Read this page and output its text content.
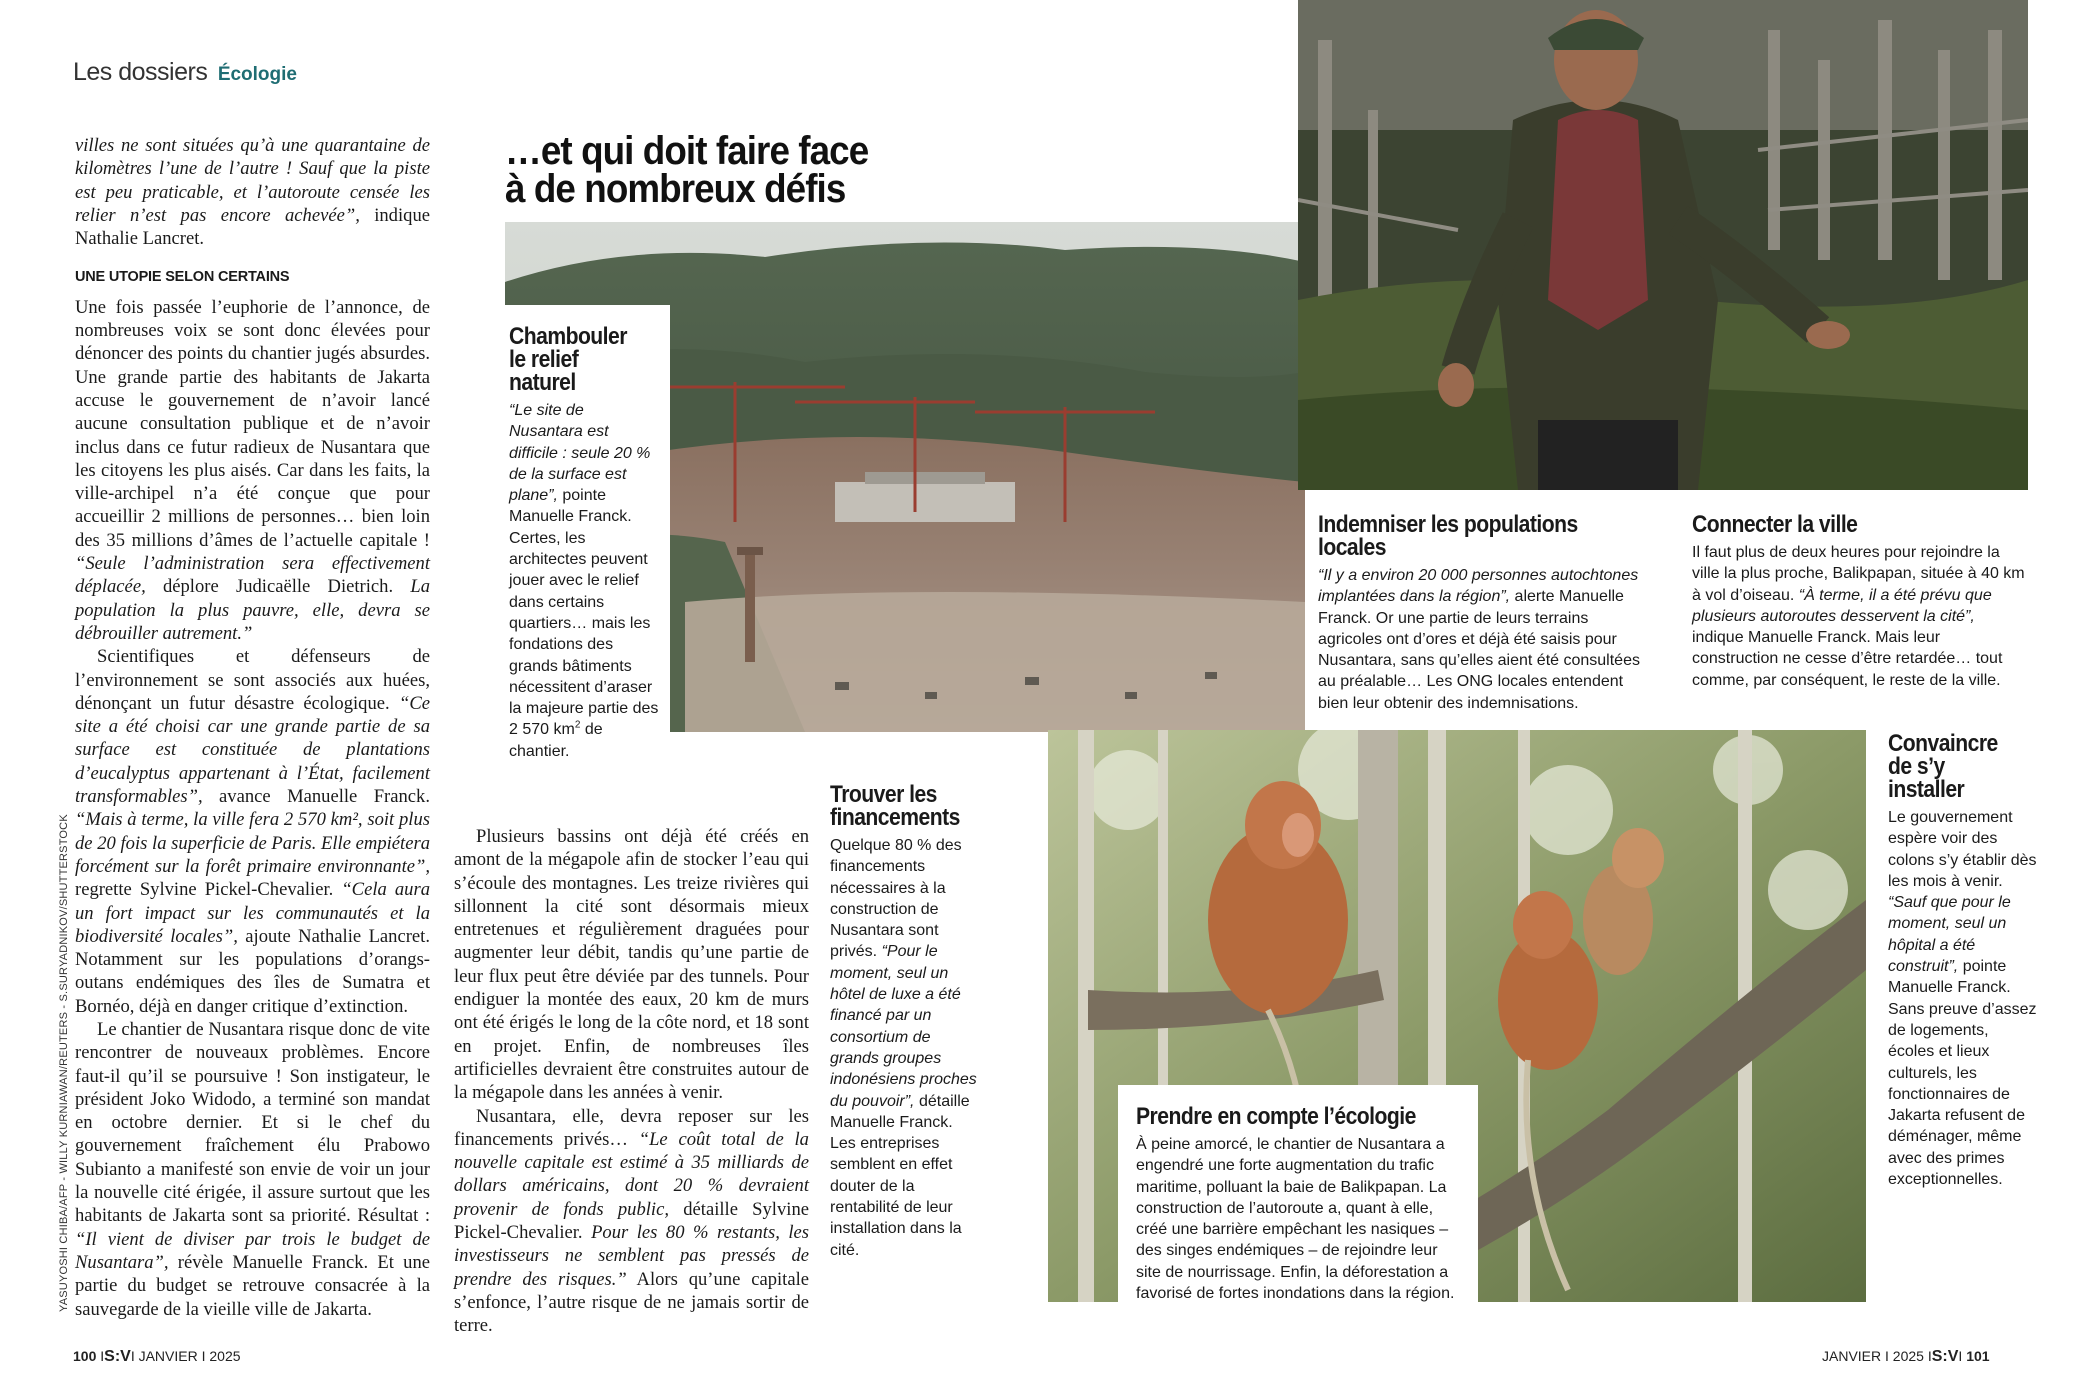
Les dossiers Écologie

villes ne sont situées qu’à une quarantaine de kilomètres l’une de l’autre ! Sauf que la piste est peu praticable, et l’autoroute censée les relier n’est pas encore achevée”, indique Nathalie Lancret.

UNE UTOPIE SELON CERTAINS

Une fois passée l’euphorie de l’annonce, de nombreuses voix se sont donc élevées pour dénoncer des points du chantier jugés absurdes. Une grande partie des habitants de Jakarta accuse le gouvernement de n’avoir lancé aucune consultation publique et de n’avoir inclus dans ce futur radieux de Nusantara que les citoyens les plus aisés. Car dans les faits, la ville-archipel n’a été conçue que pour accueillir 2 millions de personnes… bien loin des 35 millions d’âmes de l’actuelle capitale ! “Seule l’administration sera effectivement déplacée, déplore Judicaëlle Dietrich. La population la plus pauvre, elle, devra se débrouiller autrement.”

Scientifiques et défenseurs de l’environnement se sont associés aux huées, dénonçant un futur désastre écologique. “Ce site a été choisi car une grande partie de sa surface est constituée de plantations d’eucalyptus appartenant à l’État, facilement transformables”, avance Manuelle Franck. “Mais à terme, la ville fera 2 570 km², soit plus de 20 fois la superficie de Paris. Elle empiétera forcément sur la forêt primaire environnante”, regrette Sylvine Pickel-Chevalier. “Cela aura un fort impact sur les communautés et la biodiversité locales”, ajoute Nathalie Lancret. Notamment sur les populations d’orangs-outans endémiques des îles de Sumatra et Bornéo, déjà en danger critique d’extinction.

Le chantier de Nusantara risque donc de vite rencontrer de nouveaux problèmes. Encore faut-il qu’il se poursuive ! Son instigateur, le président Joko Widodo, a terminé son mandat en octobre dernier. Et si le chef du gouvernement fraîchement élu Prabowo Subianto a manifesté son envie de voir un jour la nouvelle cité érigée, il assure surtout que les habitants de Jakarta sont sa priorité. Résultat : “Il vient de diviser par trois le budget de Nusantara”, révèle Manuelle Franck. Et une partie du budget se retrouve consacrée à la sauvegarde de la vieille ville de Jakarta.

YASUYOSHI CHIBA/AFP - WILLY KURNIAWAN/REUTERS - S.SURYADNIKOV/SHUTTERSTOCK
…et qui doit faire face
à de nombreux défis
Chambouler le relief naturel

“Le site de Nusantara est difficile : seule 20 % de la surface est plane”, pointe Manuelle Franck. Certes, les architectes peuvent jouer avec le relief dans certains quartiers… mais les fondations des grands bâtiments nécessitent d’araser la majeure partie des 2 570 $km^2$ de chantier.

Plusieurs bassins ont déjà été créés en amont de la mégapole afin de stocker l’eau qui s’écoule des montagnes. Les treize rivières qui sillonnent la cité sont désormais mieux entretenues et régulièrement draguées pour augmenter leur débit, tandis qu’une partie de leur flux peut être déviée par des tunnels. Pour endiguer la montée des eaux, 20 km de murs ont été érigés le long de la côte nord, et 18 sont en projet. Enfin, de nombreuses îles artificielles devraient être construites autour de la mégapole dans les années à venir.

Nusantara, elle, devra reposer sur les financements privés… “Le coût total de la nouvelle capitale est estimé à 35 milliards de dollars américains, dont 20 % devraient provenir de fonds public, détaille Sylvine Pickel-Chevalier. Pour les 80 % restants, les investisseurs ne semblent pas pressés de prendre des risques.” Alors qu’une capitale s’enfonce, l’autre risque de ne jamais sortir de terre.

Trouver les financements

Quelque 80 % des financements nécessaires à la construction de Nusantara sont privés. “Pour le moment, seul un hôtel de luxe a été financé par un consortium de grands groupes indonésiens proches du pouvoir”, détaille Manuelle Franck. Les entreprises semblent en effet douter de la rentabilité de leur installation dans la cité.

Indemniser les populations locales

“Il y a environ 20 000 personnes autochtones implantées dans la région”, alerte Manuelle Franck. Or une partie de leurs terrains agricoles ont d’ores et déjà été saisis pour Nusantara, sans qu’elles aient été consultées au préalable… Les ONG locales entendent bien leur obtenir des indemnisations.

Connecter la ville

Il faut plus de deux heures pour rejoindre la ville la plus proche, Balikpapan, située à 40 km à vol d’oiseau. “À terme, il a été prévu que plusieurs autoroutes desservent la cité”, indique Manuelle Franck. Mais leur construction ne cesse d’être retardée… tout comme, par conséquent, le reste de la ville.

Prendre en compte l’écologie

À peine amorcé, le chantier de Nusantara a engendré une forte augmentation du trafic maritime, polluant la baie de Balikpapan. La construction de l’autoroute a, quant à elle, créé une barrière empêchant les nasiques – des singes endémiques – de rejoindre leur site de nourrissage. Enfin, la déforestation a favorisé de fortes inondations dans la région.

Convaincre de s’y installer

Le gouvernement espère voir des colons s’y établir dès les mois à venir. “Sauf que pour le moment, seul un hôpital a été construit”, pointe Manuelle Franck. Sans preuve d’assez de logements, écoles et lieux culturels, les fonctionnaires de Jakarta refusent de déménager, même avec des primes exceptionnelles.

100 IS:VI JANVIER I 2025	JANVIER I 2025 IS:VI 101
